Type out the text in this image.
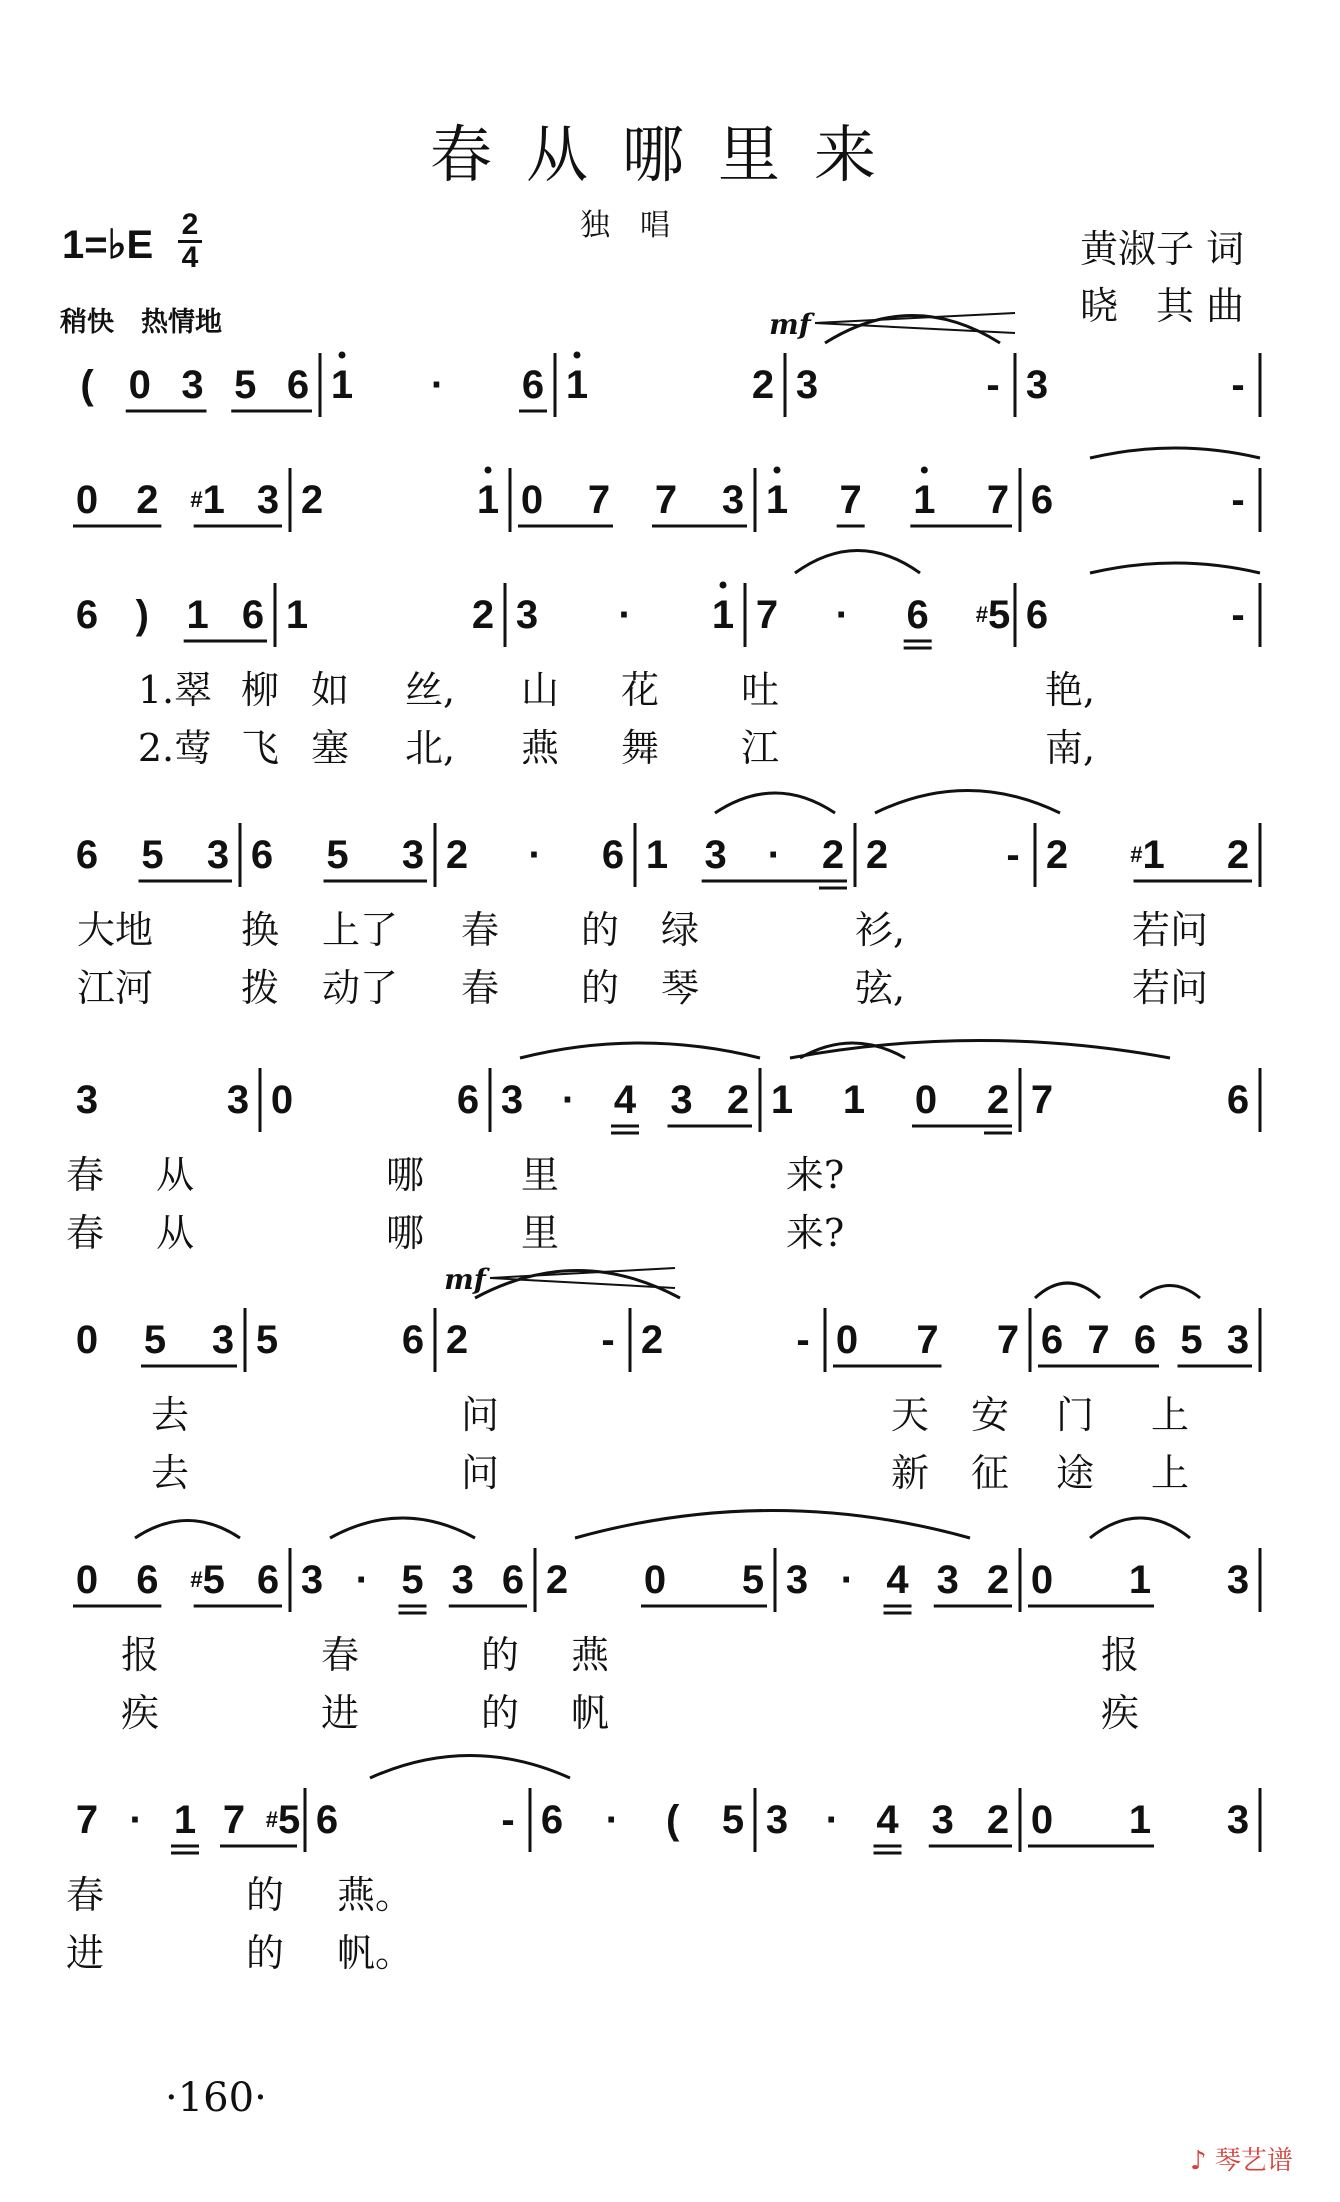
春从哪里来
1=♭E $\frac{2}{4}$	独　唱
黄淑子 词
晓　其 曲
稍快　热情地
( 0 3 5 6 1 · 6 1	2 3	- 3	-
0 2 #1 3 2	1 0 7 7 3 1 7 1 7 6	-
6 ) 1 6 1	2 3 · 1 7 · 6 #5 6	-
6 5 3 6 5 3 2 · 6 1 3 · 2 2	- 2	#1 2
3	3 0	6 3 · 4 3 2 1 1 0 2 7	6
0 5 3 5	6 2	- 2	- 0 7 7 6 7 6 5 3
0 6 #5 6 3 · 5 3 6 2 0 5 3 · 4 3 2 0 1 3
7 · 1 7 #5 6	- 6 · ( 5 3 · 4 3 2 0 1 3
mf
mf
1.翠 柳 如 丝, 山 花 吐	艳,
2.莺 飞 塞 北, 燕 舞 江	南,
大地 换 上了 春 的 绿	衫,	若问
江河 拨 动了 春 的 琴	弦,	若问
春 从	哪	里	来?
春 从	哪	里	来?
去	问	天 安 门 上
去	问	新 征 途 上
报	春	的 燕	报
疾	进	的 帆	疾
春	的 燕。
进	的 帆。
·160·
♪ 琴艺谱
